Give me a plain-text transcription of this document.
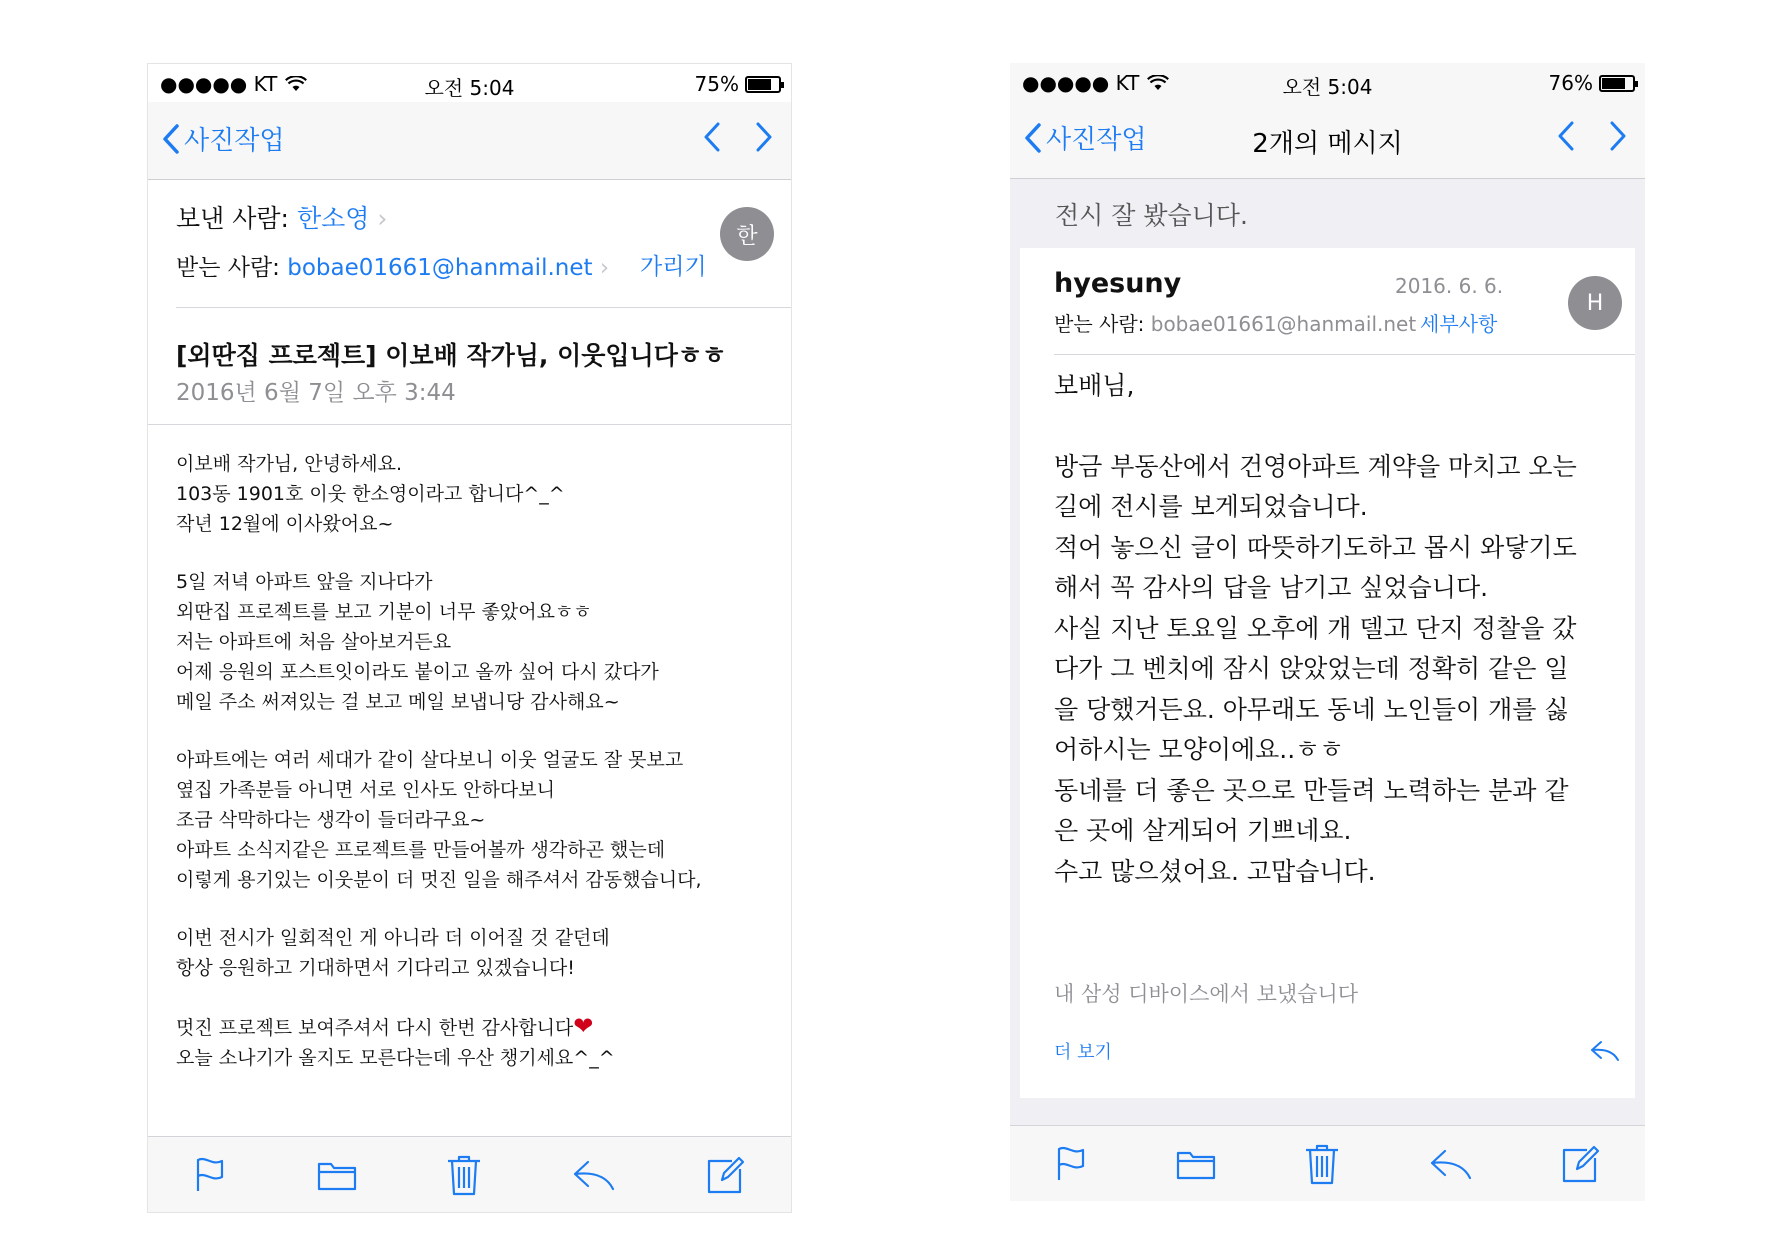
●●●●● KT	오전 5:04	75%
사진작업
보낸 사람: 한소영 ›
한
받는 사람: bobae01661@hanmail.net › 가리기
[외딴집 프로젝트] 이보배 작가님, 이웃입니다ㅎㅎ
2016년 6월 7일 오후 3:44

이보배 작가님, 안녕하세요.
103동 1901호 이웃 한소영이라고 합니다^_^
작년 12월에 이사왔어요~

5일 저녁 아파트 앞을 지나다가
외딴집 프로젝트를 보고 기분이 너무 좋았어요ㅎㅎ
저는 아파트에 처음 살아보거든요
어제 응원의 포스트잇이라도 붙이고 올까 싶어 다시 갔다가
메일 주소 써져있는 걸 보고 메일 보냅니당 감사해요~

아파트에는 여러 세대가 같이 살다보니 이웃 얼굴도 잘 못보고
옆집 가족분들 아니면 서로 인사도 안하다보니
조금 삭막하다는 생각이 들더라구요~
아파트 소식지같은 프로젝트를 만들어볼까 생각하곤 했는데
이렇게 용기있는 이웃분이 더 멋진 일을 해주셔서 감동했습니다,

이번 전시가 일회적인 게 아니라 더 이어질 것 같던데
항상 응원하고 기대하면서 기다리고 있겠습니다!

멋진 프로젝트 보여주셔서 다시 한번 감사합니다❤

오늘 소나기가 올지도 모른다는데 우산 챙기세요^_^

●●●●● KT	오전 5:04	76%
사진작업	2개의 메시지
전시 잘 봤습니다.
hyesuny	2016. 6. 6.
H
받는 사람: bobae01661@hanmail.net 세부사항
보배님,
방금 부동산에서 건영아파트 계약을 마치고 오는
길에 전시를 보게되었습니다.
적어 놓으신 글이 따뜻하기도하고 몹시 와닿기도
해서 꼭 감사의 답을 남기고 싶었습니다.
사실 지난 토요일 오후에 개 델고 단지 정찰을 갔
다가 그 벤치에 잠시 앉았었는데 정확히 같은 일
을 당했거든요. 아무래도 동네 노인들이 개를 싫
어하시는 모양이에요..ㅎㅎ
동네를 더 좋은 곳으로 만들려 노력하는 분과 같
은 곳에 살게되어 기쁘네요.
수고 많으셨어요. 고맙습니다.
내 삼성 디바이스에서 보냈습니다
더 보기
